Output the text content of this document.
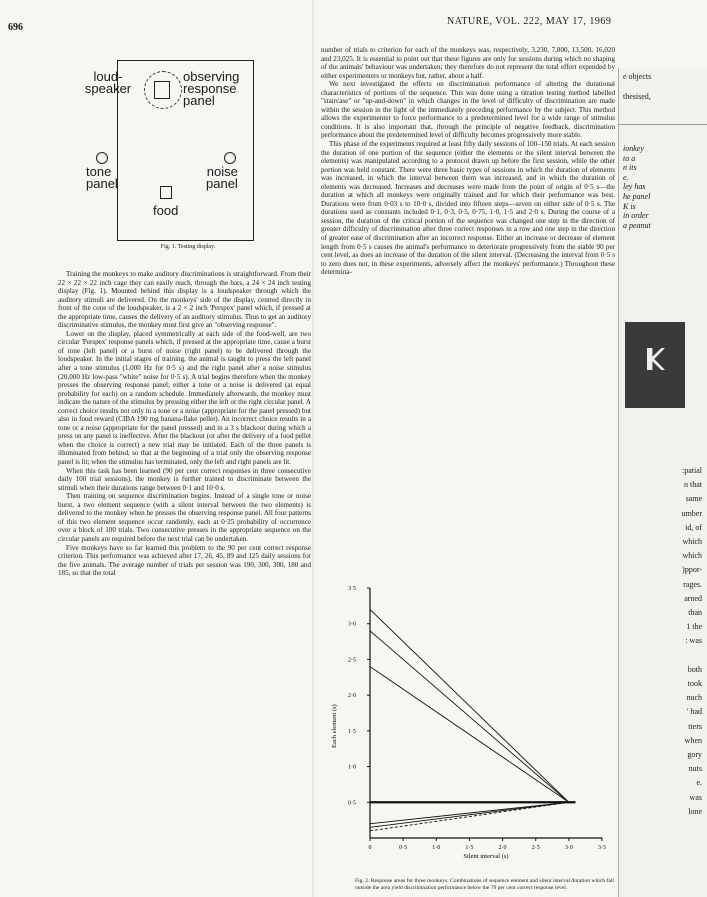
696
NATURE, VOL. 222, MAY 17, 1969
loud-
speaker
observing
response
panel
tone
panel
noise
panel
food
Fig. 1. Testing display.

Training the monkeys to make auditory discriminations is straightforward. From their 22 × 22 × 22 inch cage they can easily reach, through the bars, a 24 × 24 inch testing display (Fig. 1). Mounted behind this display is a loudspeaker through which the auditory stimuli are delivered. On the monkeys' side of the display, centred directly in front of the cone of the loudspeaker, is a 2 × 2 inch 'Perspex' panel which, if pressed at the appropriate time, causes the delivery of an auditory stimulus. Thus to get an auditory discriminative stimulus, the monkey must first give an "observing response".

Lower on the display, placed symmetrically at each side of the food-well, are two circular 'Perspex' response panels which, if pressed at the appropriate time, cause a burst of tone (left panel) or a burst of noise (right panel) to be delivered through the loudspeaker. In the initial stages of training, the animal is taught to press the left panel after a tone stimulus (1,000 Hz for 0·5 s) and the right panel after a noise stimulus (20,000 Hz low-pass "white" noise for 0·5 s). A trial begins therefore when the monkey presses the observing response panel; either a tone or a noise is delivered (at equal probability for each) on a random schedule. Immediately afterwards, the monkey must indicate the nature of the stimulus by pressing either the left or the right circular panel. A correct choice results not only in a tone or a noise (appropriate for the panel pressed) but also in food reward (CIBA 190 mg banana-flake pellet). An incorrect choice results in a tone or a noise (appropriate for the panel pressed) and in a 3 s blackout during which a press on any panel is ineffective. After the blackout (or after the delivery of a food pellet when the choice is correct) a new trial may be initiated. Each of the three panels is illuminated from behind, so that at the beginning of a trial only the observing response panel is lit; when the stimulus has terminated, only the left and right panels are lit.

When this task has been learned (90 per cent correct responses in three consecutive daily 100 trial sessions), the monkey is further trained to discriminate between the stimuli when their durations range between 0·1 and 10·0 s.

Then training on sequence discrimination begins. Instead of a single tone or noise burst, a two element sequence (with a silent interval between the two elements) is delivered to the monkey when he presses the observing response panel. All four patterns of this two element sequence occur randomly, each at 0·25 probability of occurrence over a block of 100 trials. Two consecutive presses in the appropriate sequence on the circular panels are required before the next trial can be undertaken.

Five monkeys have so far learned this problem to the 90 per cent correct response criterion. This performance was achieved after 17, 26, 45, 89 and 125 daily sessions for the five animals. The average number of trials per session was 190, 300, 300, 180 and 185, so that the total

number of trials to criterion for each of the monkeys was, respectively, 3,230, 7,800, 13,500, 16,020 and 23,025. It is essential to point out that these figures are only for sessions during which no shaping of the animals' behaviour was undertaken; they therefore do not represent the total effort expended by either experimenters or monkeys but, rather, about a half.

We next investigated the effects on discrimination performance of altering the durational characteristics of portions of the sequence. This was done using a titration testing method labelled "staircase" or "up-and-down" in which changes in the level of difficulty of discrimination are made within the session in the light of the immediately preceding performance by the subject. This method allows the experimenter to force performance to a predetermined level for a wide range of stimulus conditions. It is also important that, through the principle of negative feedback, discrimination performance about the predetermined level of difficulty becomes progressively more stable.

This phase of the experiments required at least fifty daily sessions of 100–150 trials. At each session the duration of one portion of the sequence (either the elements or the silent interval between the elements) was manipulated according to a protocol drawn up before the first session, while the other portion was held constant. There were three basic types of sessions in which the duration of elements was increased, in which the interval between them was increased, and in which the duration of elements was decreased. Increases and decreases were made from the point of origin of 0·5 s—the duration at which all monkeys were originally trained and for which their performance was best. Durations were from 0·03 s to 10·0 s, divided into fifteen steps—seven on either side of 0·5 s. The durations used as constants included 0·1, 0·3, 0·5, 0·75, 1·0, 1·5 and 2·0 s. During the course of a session, the duration of the critical portion of the sequence was changed one step in the direction of greater difficulty of discrimination after three correct responses in a row and one step in the direction of greater ease of discrimination after an incorrect response. Either an increase or decrease of element length from 0·5 s causes the animal's performance to deteriorate progressively from the stable 90 per cent level, as does an increase of the duration of the silent interval. (Decreasing the interval from 0·5 s to zero does not, in these experiments, adversely affect the monkeys' performance.) Throughout these determina-

3·5
3·0
2·5
2·0
1·5
1·0
0·5
0	0·5	1·0	1·5	2·0	2·5	3·0	3·5
Each element (s)
Silent interval (s)
Fig. 2. Response areas for three monkeys. Combinations of sequence element and silent interval duration which fall outside the area yield discrimination performance below the 79 per cent correct response level.
e objects
thesised,
ionkey
to a
n its
e.
ley has
he panel
K is
in order
a peanut
:patial
n that
same
umber
id, of
which
which
)ppor-
rages.
arned
than
1 the
: was
both
took
nuch
' had
tters
when
gory
nuts
e.
was
lone
